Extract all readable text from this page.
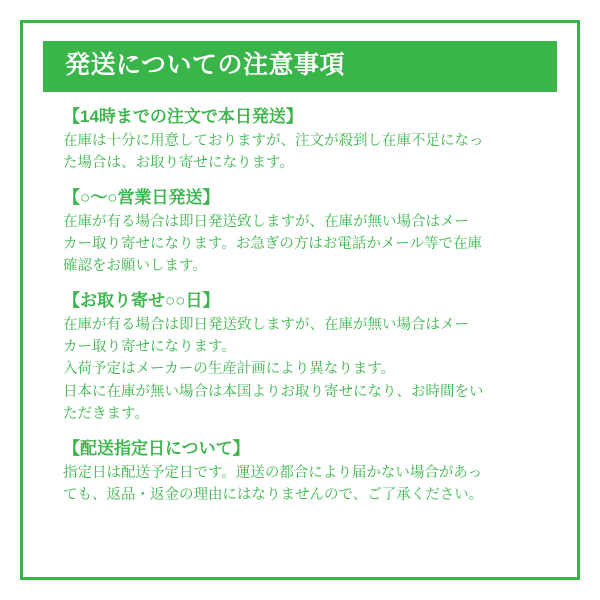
発送についての注意事項
【14時までの注文で本日発送】

在庫は十分に用意しておりますが、注文が殺到し在庫不足になっ

た場合は、お取り寄せになります。

【○〜○営業日発送】

在庫が有る場合は即日発送致しますが、在庫が無い場合はメー

カー取り寄せになります。お急ぎの方はお電話かメール等で在庫

確認をお願いします。

【お取り寄せ○○日】

在庫が有る場合は即日発送致しますが、在庫が無い場合はメー

カー取り寄せになります。

入荷予定はメーカーの生産計画により異なります。

日本に在庫が無い場合は本国よりお取り寄せになり、お時間をい

ただきます。

【配送指定日について】

指定日は配送予定日です。運送の都合により届かない場合があっ

ても、返品・返金の理由にはなりませんので、ご了承ください。
